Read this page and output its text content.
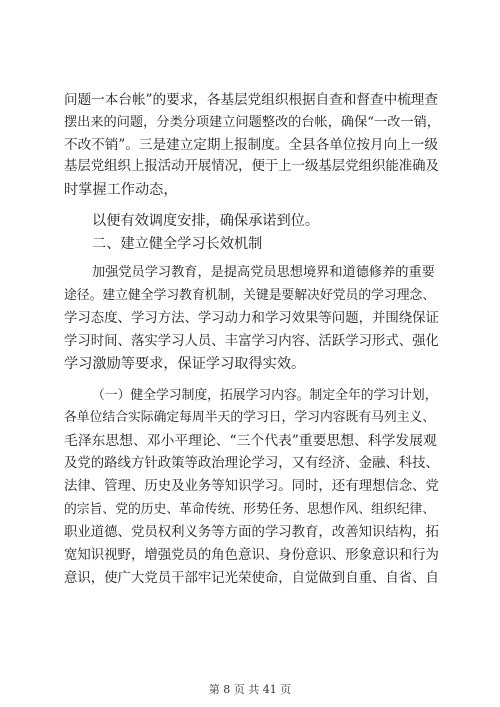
问题一本台帐”的要求，各基层党组织根据自查和督查中梳理查
摆出来的问题，分类分项建立问题整改的台帐，确保“一改一销，
不改不销”。三是建立定期上报制度。全县各单位按月向上一级
基层党组织上报活动开展情况，便于上一级基层党组织能准确及
时掌握工作动态，
以便有效调度安排，确保承诺到位。
二、建立健全学习长效机制
加强党员学习教育，是提高党员思想境界和道德修养的重要
途径。建立健全学习教育机制，关键是要解决好党员的学习理念、
学习态度、学习方法、学习动力和学习效果等问题，并围绕保证
学习时间、落实学习人员、丰富学习内容、活跃学习形式、强化
学习激励等要求，保证学习取得实效。
（一）健全学习制度，拓展学习内容。制定全年的学习计划，
各单位结合实际确定每周半天的学习日，学习内容既有马列主义、
毛泽东思想、邓小平理论、“三个代表”重要思想、科学发展观
及党的路线方针政策等政治理论学习，又有经济、金融、科技、
法律、管理、历史及业务等知识学习。同时，还有理想信念、党
的宗旨、党的历史、革命传统、形势任务、思想作风、组织纪律、
职业道德、党员权利义务等方面的学习教育，改善知识结构，拓
宽知识视野，增强党员的角色意识、身份意识、形象意识和行为
意识，使广大党员干部牢记光荣使命，自觉做到自重、自省、自
第 8 页 共 41 页
